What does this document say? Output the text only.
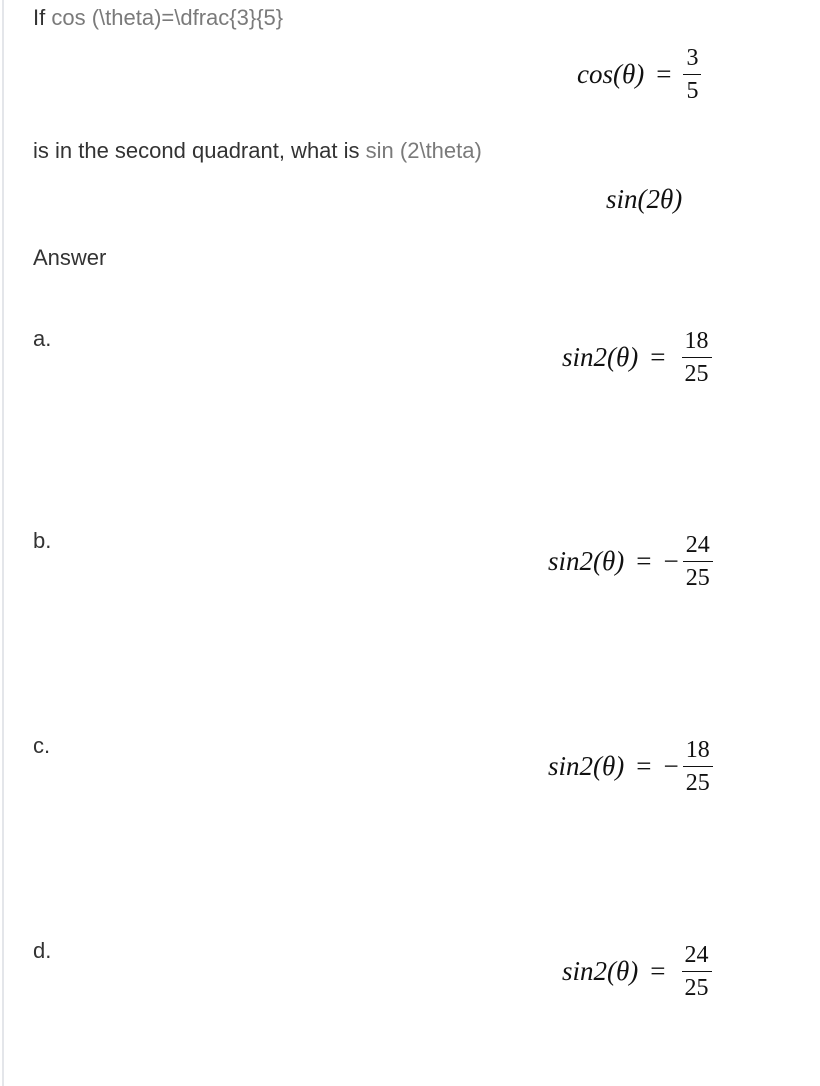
If cos (\theta)=\dfrac{3}{5}
$\cos(\theta) = \frac{3}{5}$
is in the second quadrant, what is sin (2\theta)
sin(2θ)
Answer
a.
$\sin 2(\theta) = \frac{18}{25}$
b.
sin2(θ) = − $\frac{24}{25}$
c.
sin2(θ) = − $\frac{18}{25}$
d.
$\sin 2(\theta) = \frac{24}{25}$
